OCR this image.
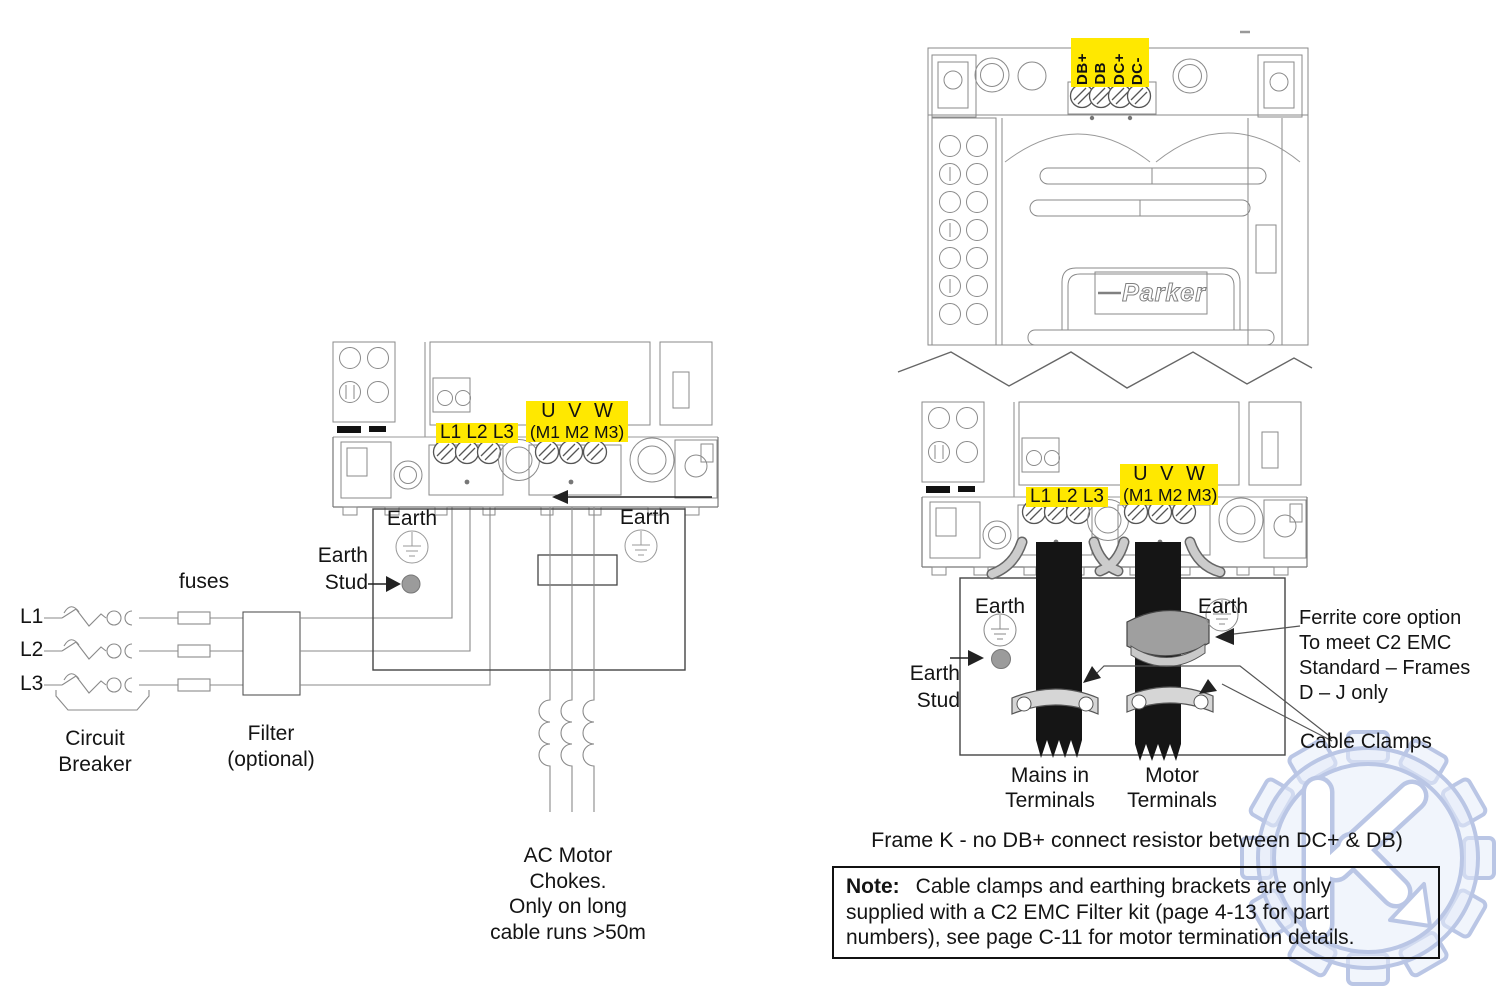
Parker
L1
L2
L3
fuses
Circuit
Breaker
Filter
(optional)
Earth	Earth
Earth
Stud
AC Motor
Chokes.
Only on long
cable runs >50m
L1 L2 L3
U V W
(M1 M2 M3)
DB+ DB DC+ DC-
L1 L2 L3
U V W
(M1 M2 M3)
Earth	Earth
Earth
Stud
Mains in
Terminals
Motor
Terminals
Ferrite core option
To meet C2 EMC
Standard – Frames
D – J only
Cable Clamps
Frame K - no DB+ connect resistor between DC+ & DB)
Note: Cable clamps and earthing brackets are only
supplied with a C2 EMC Filter kit (page 4-13 for part
numbers), see page C-11 for motor termination details.
